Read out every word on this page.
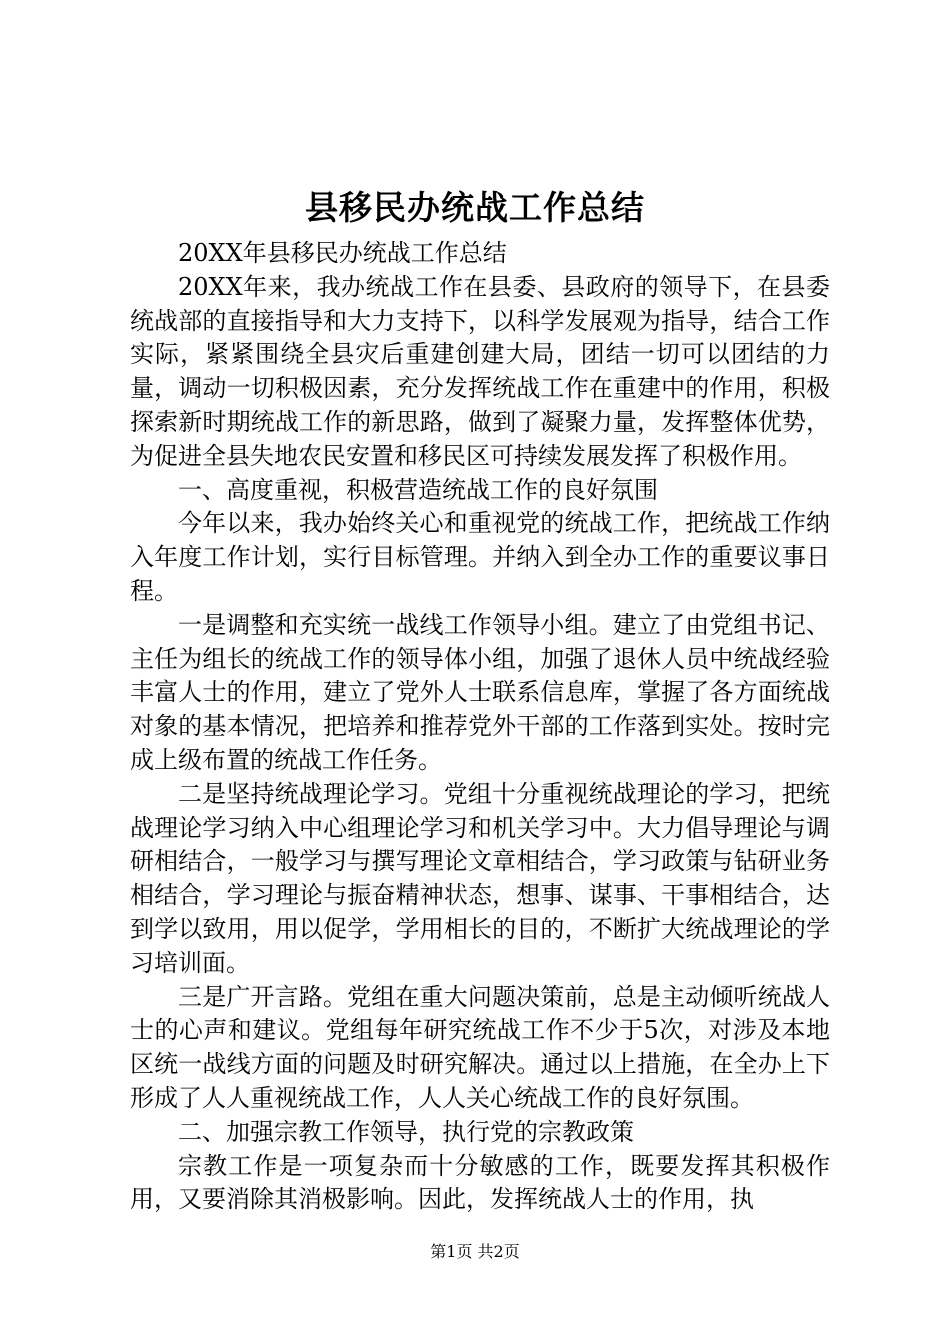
县移民办统战工作总结

20XX年县移民办统战工作总结

20XX年来，我办统战工作在县委、县政府的领导下，在县委统战部的直接指导和大力支持下，以科学发展观为指导，结合工作实际，紧紧围绕全县灾后重建创建大局，团结一切可以团结的力量，调动一切积极因素，充分发挥统战工作在重建中的作用，积极探索新时期统战工作的新思路，做到了凝聚力量，发挥整体优势，为促进全县失地农民安置和移民区可持续发展发挥了积极作用。

一、高度重视，积极营造统战工作的良好氛围

今年以来，我办始终关心和重视党的统战工作，把统战工作纳入年度工作计划，实行目标管理。并纳入到全办工作的重要议事日程。

一是调整和充实统一战线工作领导小组。建立了由党组书记、主任为组长的统战工作的领导体小组，加强了退休人员中统战经验丰富人士的作用，建立了党外人士联系信息库，掌握了各方面统战对象的基本情况，把培养和推荐党外干部的工作落到实处。按时完成上级布置的统战工作任务。

二是坚持统战理论学习。党组十分重视统战理论的学习，把统战理论学习纳入中心组理论学习和机关学习中。大力倡导理论与调研相结合，一般学习与撰写理论文章相结合，学习政策与钻研业务相结合，学习理论与振奋精神状态，想事、谋事、干事相结合，达到学以致用，用以促学，学用相长的目的，不断扩大统战理论的学习培训面。

三是广开言路。党组在重大问题决策前，总是主动倾听统战人士的心声和建议。党组每年研究统战工作不少于5次，对涉及本地区统一战线方面的问题及时研究解决。通过以上措施，在全办上下形成了人人重视统战工作，人人关心统战工作的良好氛围。

二、加强宗教工作领导，执行党的宗教政策

宗教工作是一项复杂而十分敏感的工作，既要发挥其积极作用，又要消除其消极影响。因此，发挥统战人士的作用，执

第1页 共2页
